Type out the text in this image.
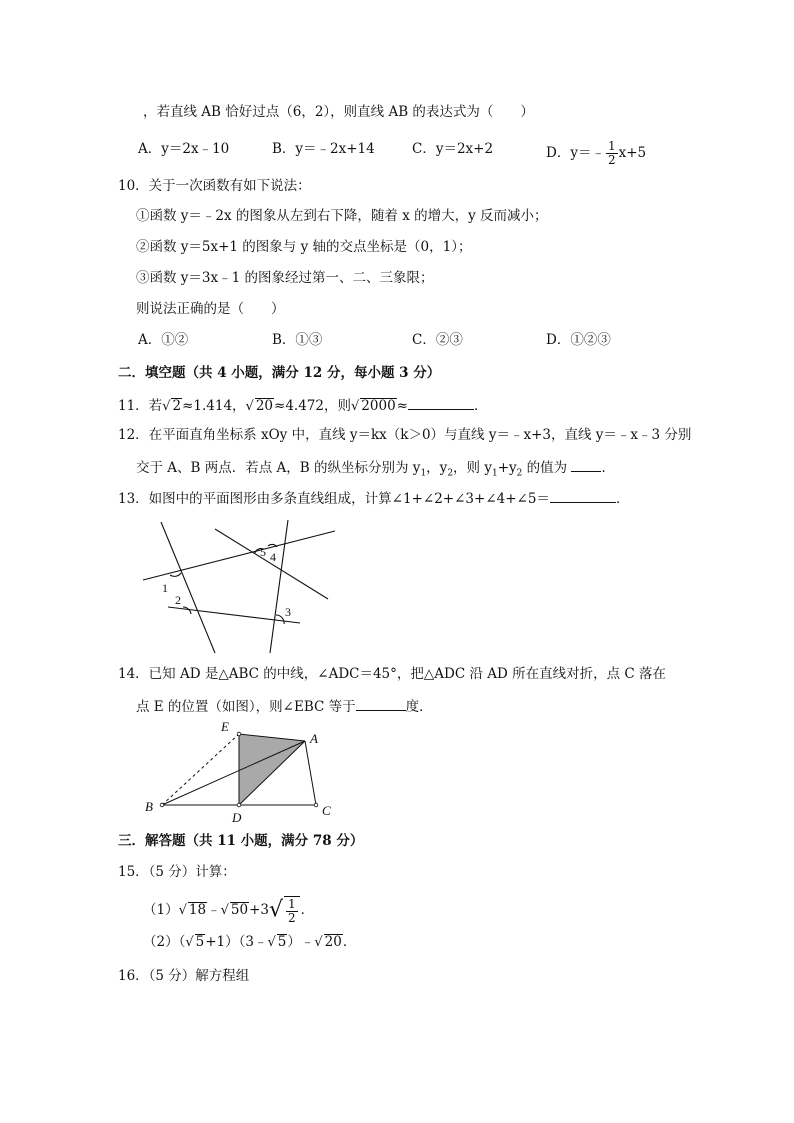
，若直线 AB 恰好过点（6，2），则直线 AB 的表达式为（　　）
A．y＝2x﹣10	B．y＝﹣2x+14	C．y＝2x+2	D．y＝﹣ $\frac{1}{2} x+5$
10．关于一次函数有如下说法：
①函数 y＝﹣2x 的图象从左到右下降，随着 x 的增大，y 反而减小；
②函数 y＝5x+1 的图象与 y 轴的交点坐标是（0，1）；
③函数 y＝3x﹣1 的图象经过第一、二、三象限；
则说法正确的是（　　）
A．①②	B．①③	C．②③	D．①②③
二．填空题（共 4 小题，满分 12 分，每小题 3 分）
11．若√ 2≈1.414，√ 20≈4.472，则√ 2000≈	．
12．在平面直角坐标系 xOy 中，直线 y＝kx（k＞0）与直线 y＝﹣x+3，直线 y＝﹣x﹣3 分别
交于 A、B 两点．若点 A，B 的纵坐标分别为 $y_1$，$y_2$，则 $y_1+y_2$ 的值为	．
13．如图中的平面图形由多条直线组成，计算∠1+∠2+∠3+∠4+∠5＝	．
1
2
3
4
5
14．已知 AD 是△ABC 的中线，∠ADC＝45°，把△ADC 沿 AD 所在直线对折，点 C 落在
点 E 的位置（如图），则∠EBC 等于	度．
E
A
B
D	C
三．解答题（共 11 小题，满分 78 分）
15．（5 分）计算：
（1）√ 18﹣√ $50+3√ \frac{1}{2}$ ．
（2）（√ 5+1）（3﹣√ 5）﹣√ 20．
16．（5 分）解方程组
